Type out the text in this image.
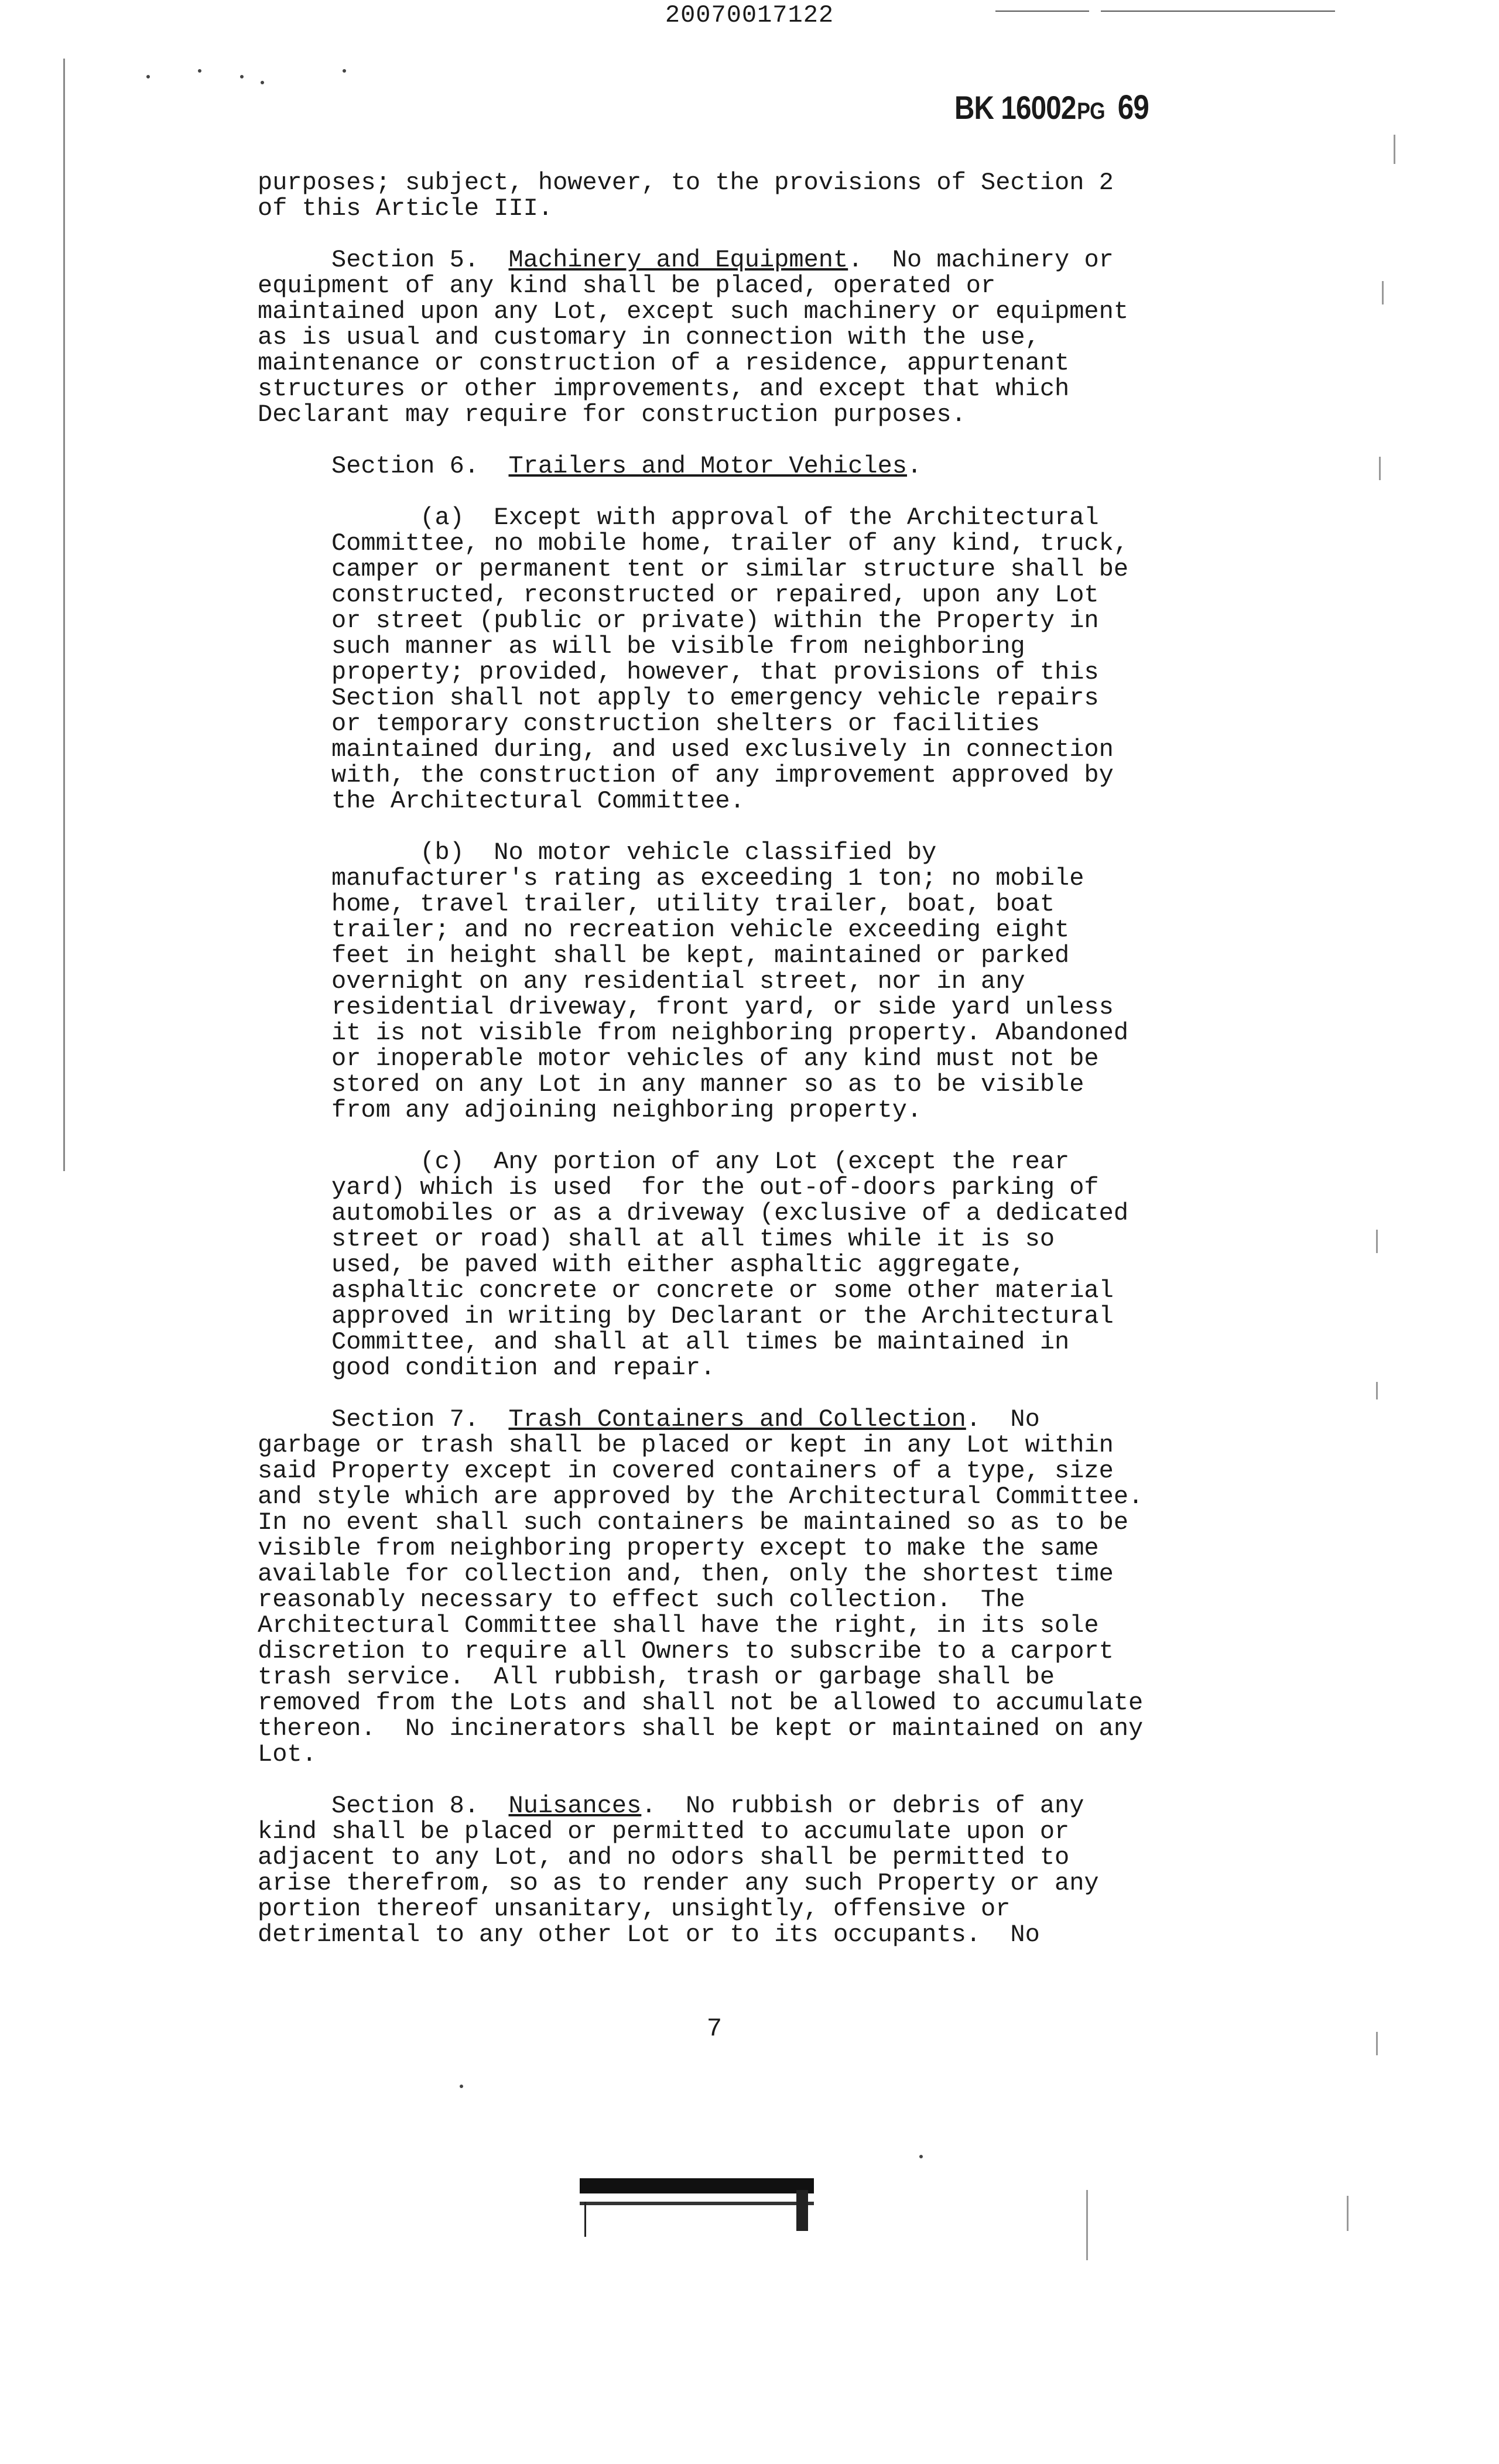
20070017122
BK 16002PG 69

purposes; subject, however, to the provisions of Section 2

of this Article III.

Section 5.  Machinery and Equipment.  No machinery or

equipment of any kind shall be placed, operated or

maintained upon any Lot, except such machinery or equipment

as is usual and customary in connection with the use,

maintenance or construction of a residence, appurtenant

structures or other improvements, and except that which

Declarant may require for construction purposes.

Section 6.  Trailers and Motor Vehicles.

(a)  Except with approval of the Architectural

Committee, no mobile home, trailer of any kind, truck,

camper or permanent tent or similar structure shall be

constructed, reconstructed or repaired, upon any Lot

or street (public or private) within the Property in

such manner as will be visible from neighboring

property; provided, however, that provisions of this

Section shall not apply to emergency vehicle repairs

or temporary construction shelters or facilities

maintained during, and used exclusively in connection

with, the construction of any improvement approved by

the Architectural Committee.

(b)  No motor vehicle classified by

manufacturer's rating as exceeding 1 ton; no mobile

home, travel trailer, utility trailer, boat, boat

trailer; and no recreation vehicle exceeding eight

feet in height shall be kept, maintained or parked

overnight on any residential street, nor in any

residential driveway, front yard, or side yard unless

it is not visible from neighboring property. Abandoned

or inoperable motor vehicles of any kind must not be

stored on any Lot in any manner so as to be visible

from any adjoining neighboring property.

(c)  Any portion of any Lot (except the rear

yard) which is used  for the out-of-doors parking of

automobiles or as a driveway (exclusive of a dedicated

street or road) shall at all times while it is so

used, be paved with either asphaltic aggregate,

asphaltic concrete or concrete or some other material

approved in writing by Declarant or the Architectural

Committee, and shall at all times be maintained in

good condition and repair.

Section 7.  Trash Containers and Collection.  No

garbage or trash shall be placed or kept in any Lot within

said Property except in covered containers of a type, size

and style which are approved by the Architectural Committee.

In no event shall such containers be maintained so as to be

visible from neighboring property except to make the same

available for collection and, then, only the shortest time

reasonably necessary to effect such collection.  The

Architectural Committee shall have the right, in its sole

discretion to require all Owners to subscribe to a carport

trash service.  All rubbish, trash or garbage shall be

removed from the Lots and shall not be allowed to accumulate

thereon.  No incinerators shall be kept or maintained on any

Lot.

Section 8.  Nuisances.  No rubbish or debris of any

kind shall be placed or permitted to accumulate upon or

adjacent to any Lot, and no odors shall be permitted to

arise therefrom, so as to render any such Property or any

portion thereof unsanitary, unsightly, offensive or

detrimental to any other Lot or to its occupants.  No

7
